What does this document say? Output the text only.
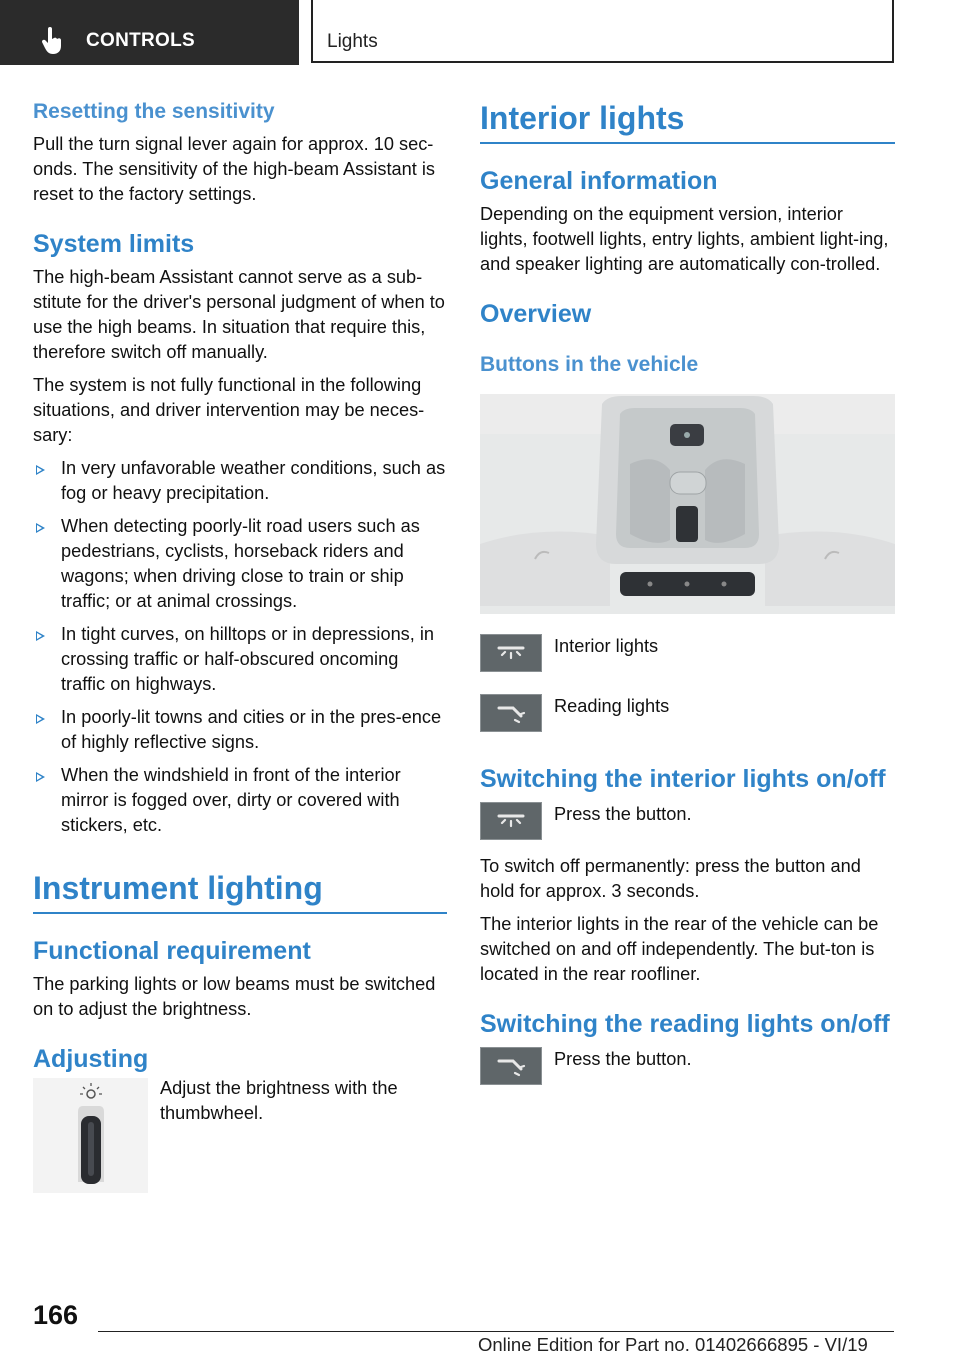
CONTROLS	Lights
Resetting the sensitivity

Pull the turn signal lever again for approx. 10 sec‐onds. The sensitivity of the high-beam Assistant is reset to the factory settings.

System limits

The high-beam Assistant cannot serve as a sub‐stitute for the driver's personal judgment of when to use the high beams. In situation that require this, therefore switch off manually.

The system is not fully functional in the following situations, and driver intervention may be neces‐sary:

In very unfavorable weather conditions, such as fog or heavy precipitation.
When detecting poorly-lit road users such as pedestrians, cyclists, horseback riders and wagons; when driving close to train or ship traffic; or at animal crossings.
In tight curves, on hilltops or in depressions, in crossing traffic or half-obscured oncoming traffic on highways.
In poorly-lit towns and cities or in the pres‐ence of highly reflective signs.
When the windshield in front of the interior mirror is fogged over, dirty or covered with stickers, etc.
Instrument lighting
Functional requirement

The parking lights or low beams must be switched on to adjust the brightness.

Adjusting

Adjust the brightness with the thumbwheel.

Interior lights
General information

Depending on the equipment version, interior lights, footwell lights, entry lights, ambient light‐ing, and speaker lighting are automatically con‐trolled.

Overview
Buttons in the vehicle

Interior lights

Reading lights

Switching the interior lights on/off

Press the button.

To switch off permanently: press the button and hold for approx. 3 seconds.

The interior lights in the rear of the vehicle can be switched on and off independently. The but‐ton is located in the rear roofliner.

Switching the reading lights on/off

Press the button.

166
Online Edition for Part no. 01402666895 - VI/19
